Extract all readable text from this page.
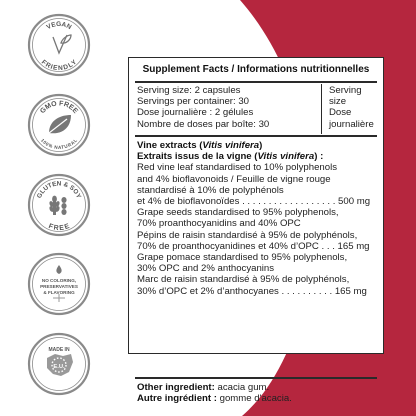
VEGAN
FRIENDLY
GMO FREE
100% NATURAL
GLUTEN & SOY
FREE
NO COLORING,
PRESERVATIVES
& FLAVORING
MADE IN
E.U.
Supplement Facts / Informations nutritionnelles
Serving size: 2 capsules
Servings per container: 30
Dose journalière : 2 gélules
Nombre de doses par boîte: 30
Serving
size
Dose
journalière
Vine extracts (Vitis vinifera)
Extraits issus de la vigne (Vitis vinifera) :
Red vine leaf standardised to 10% polyphenols
and 4% bioflavonoids / Feuille de vigne rouge
standardisé à 10% de polyphénols
et 4% de bioflavonoïdes . . . . . . . . . . . . . . . . . . 500 mg
Grape seeds standardised to 95% polyphenols,
70% proanthocyanidins and 40% OPC
Pépins de raisin standardisé à 95% de polyphénols,
70% de proanthocyanidines et 40% d’OPC . . . 165 mg
Grape pomace standardised to 95% polyphenols,
30% OPC and 2% anthocyanins
Marc de raisin standardisé à 95% de polyphénols,
30% d’OPC et 2% d’anthocyanes . . . . . . . . . . 165 mg
Other ingredient: acacia gum.
Autre ingrédient : gomme d'acacia.
